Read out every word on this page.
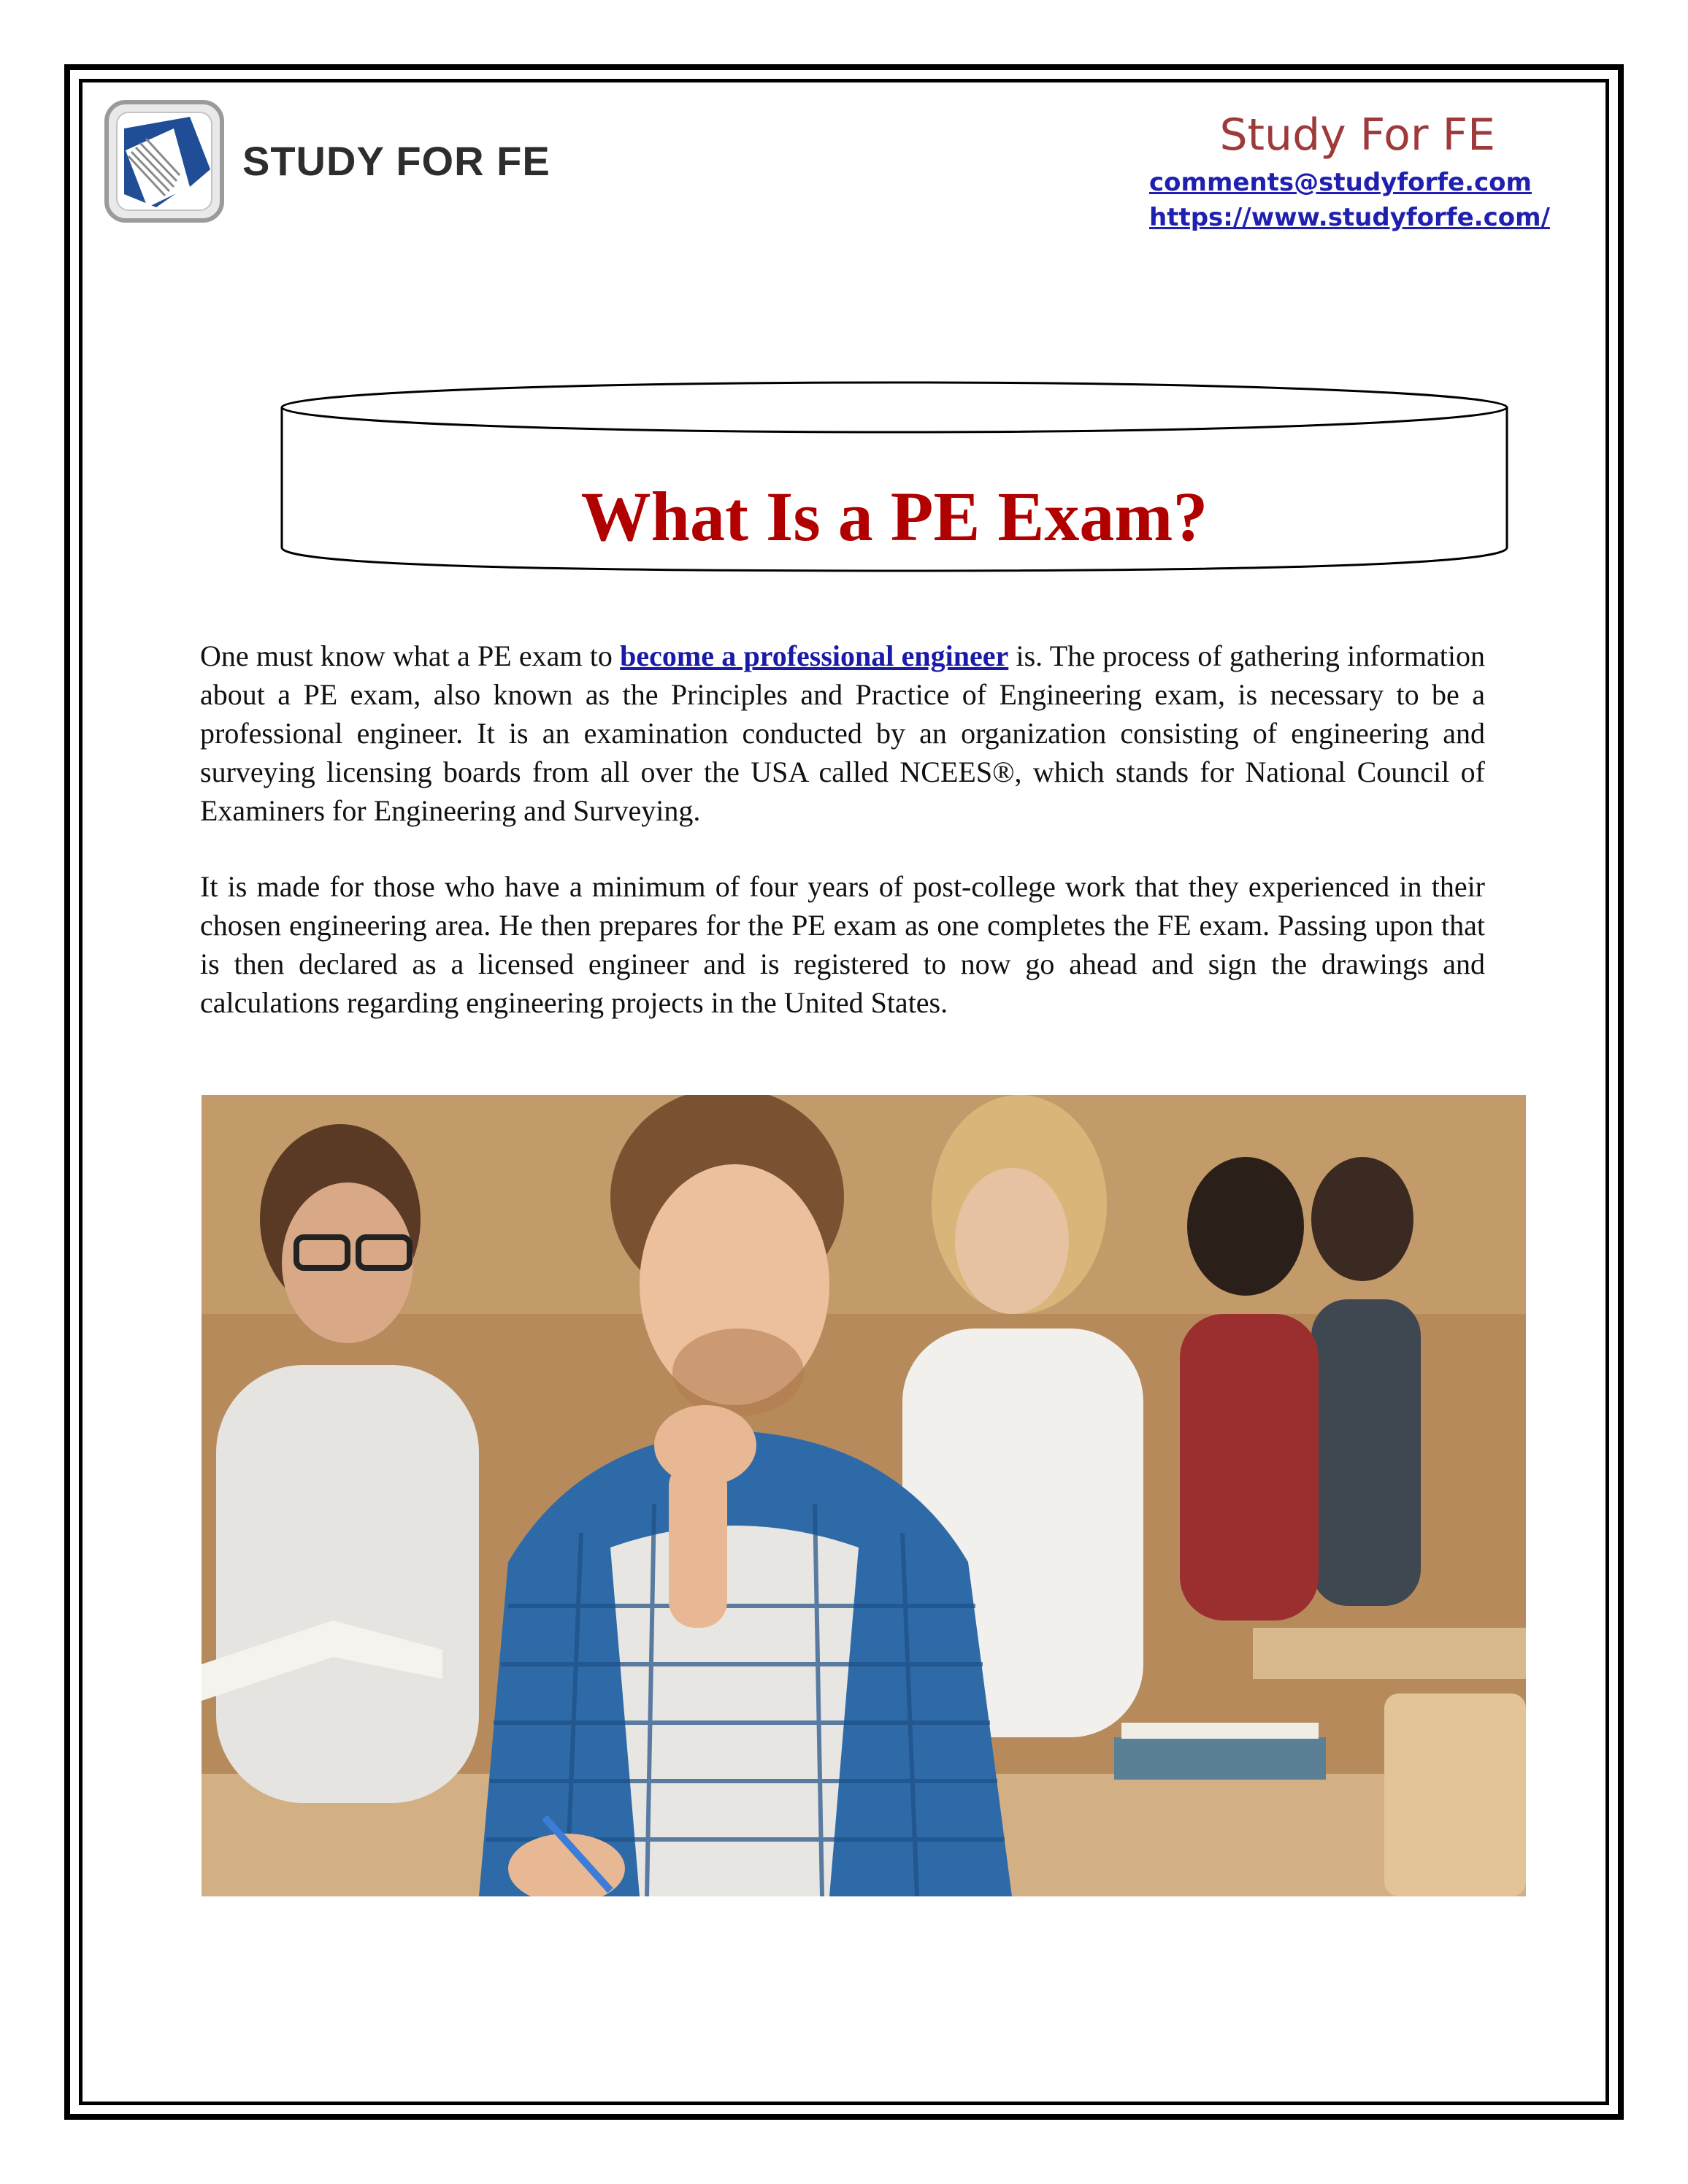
STUDY FOR FE
Study For FE
comments@studyforfe.com
https://www.studyforfe.com/
What Is a PE Exam?
One must know what a PE exam to become a professional engineer is. The process of gathering information about a PE exam, also known as the Principles and Practice of Engineering exam, is necessary to be a professional engineer. It is an examination conducted by an organization consisting of engineering and surveying licensing boards from all over the USA called NCEES®, which stands for National Council of Examiners for Engineering and Surveying.
It is made for those who have a minimum of four years of post-college work that they experienced in their chosen engineering area. He then prepares for the PE exam as one completes the FE exam. Passing upon that is then declared as a licensed engineer and is registered to now go ahead and sign the drawings and calculations regarding engineering projects in the United States.
